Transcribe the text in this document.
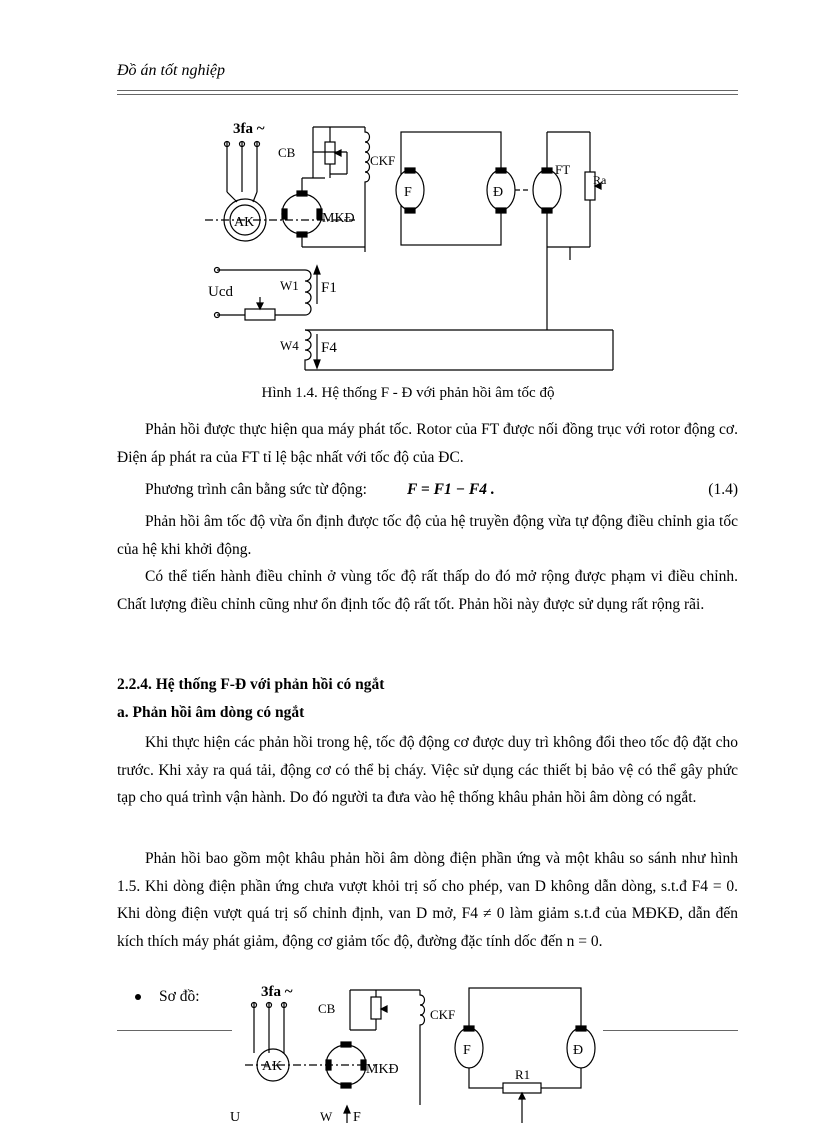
Đồ án tốt nghiệp
3fa ~
AK	MKĐ
CB
CKF
F	Đ
FT
Ra
Ucd	W1 F1
W4 F4
Hình 1.4. Hệ thống F - Đ với phản hồi âm tốc độ

Phản hồi được thực hiện qua máy phát tốc. Rotor của FT được nối đồng trục với rotor động cơ. Điện áp phát ra của FT tỉ lệ bậc nhất với tốc độ của ĐC.

Phương trình cân bằng sức từ động:	F = F1 − F4 .	(1.4)

Phản hồi âm tốc độ vừa ổn định được tốc độ của hệ truyền động vừa tự động điều chỉnh gia tốc của hệ khi khởi động.

Có thể tiến hành điều chỉnh ở vùng tốc độ rất thấp do đó mở rộng được phạm vi điều chỉnh. Chất lượng điều chỉnh cũng như ổn định tốc độ rất tốt. Phản hồi này được sử dụng rất rộng rãi.

2.2.4. Hệ thống F-Đ với phản hồi có ngắt
a. Phản hồi âm dòng có ngắt

Khi thực hiện các phản hồi trong hệ, tốc độ động cơ được duy trì không đổi theo tốc độ đặt cho trước. Khi xảy ra quá tải, động cơ có thể bị cháy. Việc sử dụng các thiết bị bảo vệ có thể gây phức tạp cho quá trình vận hành. Do đó người ta đưa vào hệ thống khâu phản hồi âm dòng có ngắt.

Phản hồi bao gồm một khâu phản hồi âm dòng điện phần ứng và một khâu so sánh như hình 1.5. Khi dòng điện phần ứng chưa vượt khỏi trị số cho phép, van D không dẫn dòng, s.t.đ F4 = 0. Khi dòng điện vượt quá trị số chỉnh định, van D mở, F4 ≠ 0 làm giảm s.t.đ của MĐKĐ, dẫn đến kích thích máy phát giảm, động cơ giảm tốc độ, đường đặc tính dốc đến n = 0.

Sơ đồ:	3fa ~
AK	MKĐ
CB	CKF
F	Đ
R1
U	W F
